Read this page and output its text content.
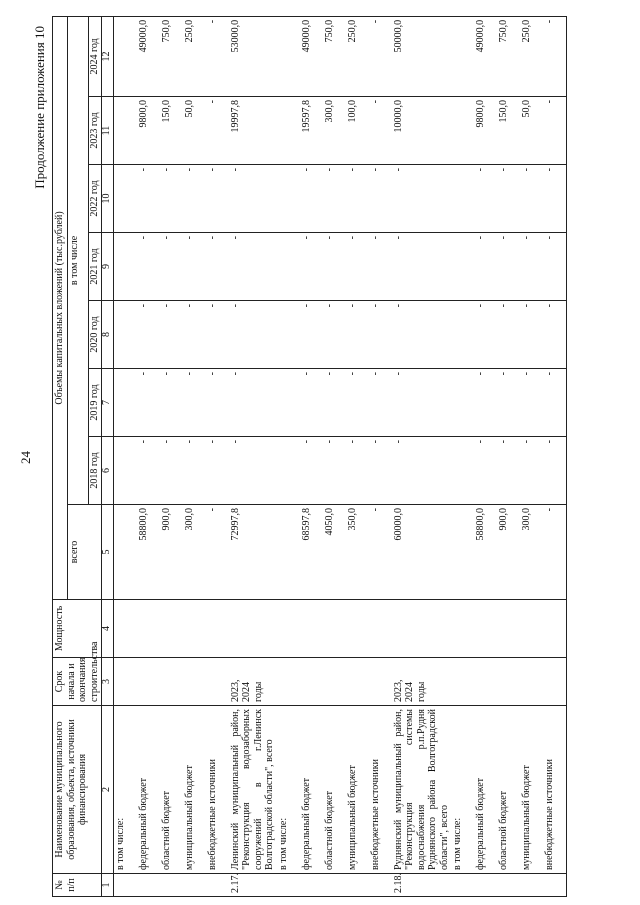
24
Продолжение приложения 10
№ п/п	Наименование муниципального образования, объекта, источники финансирования	Срок начала и окончания строительства	Мощность	Объемы капитальных вложений (тыс.рублей)							
				всего	в том числе						
					2018 год	2019 год	2020 год	2021 год	2022 год	2023 год	2024 год
1	2	3	4	5	6	7	8	9	10	11	12
	в том числе:										
	федеральный бюджет			58800,0	-	-	-	-	-	9800,0	49000,0
	областной бюджет			900,0	-	-	-	-	-	150,0	750,0
	муниципальный бюджет			300,0	-	-	-	-	-	50,0	250,0
	внебюджетные источники			-	-	-	-	-	-	-	-
2.17.	Ленинский муниципальный район, "Реконструкция водозаборных сооружений в г.Ленинск Волгоградской области", всего	2023, 2024 годы		72997,8	-	-	-	-	-	19997,8	53000,0
	в том числе:										
	федеральный бюджет			68597,8	-	-	-	-	-	19597,8	49000,0
	областной бюджет			4050,0	-	-	-	-	-	300,0	750,0
	муниципальный бюджет			350,0	-	-	-	-	-	100,0	250,0
	внебюджетные источники			-	-	-	-	-	-	-	-
2.18.	Руднянский муниципальный район, "Реконструкция системы водоснабжения р.п.Рудня Руднянского района Волгоградской области", всего	2023, 2024 годы		60000,0	-	-	-	-	-	10000,0	50000,0
	в том числе:										
	федеральный бюджет			58800,0	-	-	-	-	-	9800,0	49000,0
	областной бюджет			900,0	-	-	-	-	-	150,0	750,0
	муниципальный бюджет			300,0	-	-	-	-	-	50,0	250,0
	внебюджетные источники			-	-	-	-	-	-	-	-
